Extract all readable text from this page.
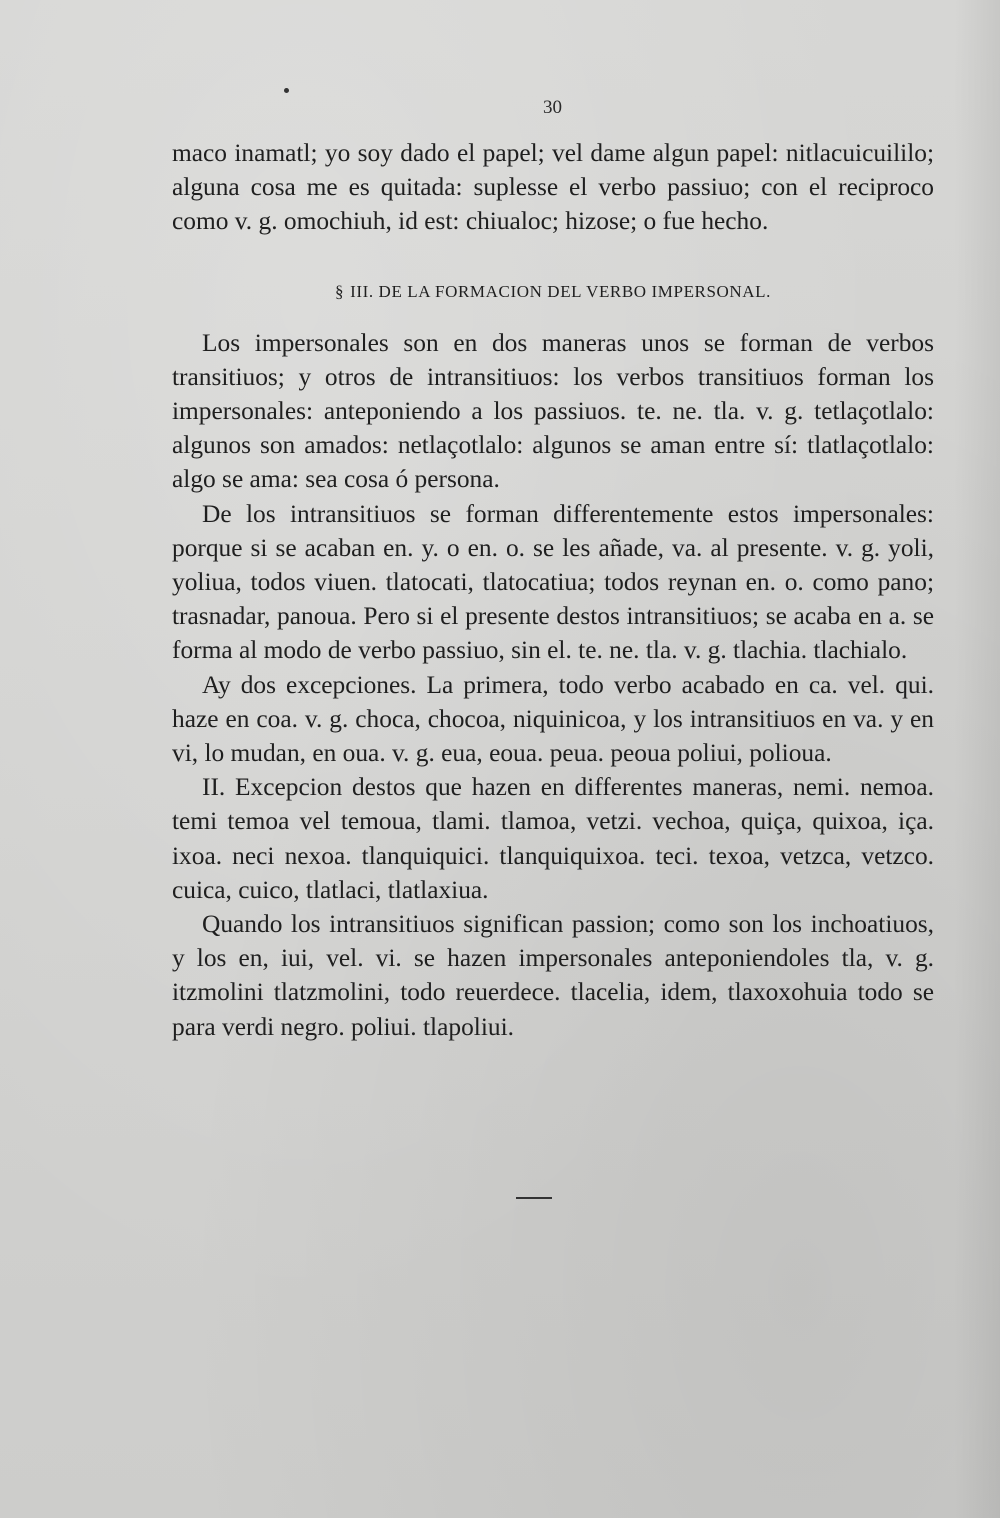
30

maco inamatl; yo soy dado el papel; vel dame algun papel: nitlacuicuililo; alguna cosa me es quitada: suplesse el verbo passiuo; con el reciproco como v. g. omochiuh, id est: chiualoc; hizose; o fue hecho.

§ III. DE LA FORMACION DEL VERBO IMPERSONAL.

Los impersonales son en dos maneras unos se forman de verbos transitiuos; y otros de intransitiuos: los verbos transitiuos forman los impersonales: anteponiendo a los passiuos. te. ne. tla. v. g. tetlaçotlalo: algunos son amados: netlaçotlalo: algunos se aman entre sí: tlatlaçotlalo: algo se ama: sea cosa ó persona.

De los intransitiuos se forman differentemente estos impersonales: porque si se acaban en. y. o en. o. se les añade, va. al presente. v. g. yoli, yoliua, todos viuen. tlatocati, tlatocatiua; todos reynan en. o. como pano; trasnadar, panoua. Pero si el presente destos intransitiuos; se acaba en a. se forma al modo de verbo passiuo, sin el. te. ne. tla. v. g. tlachia. tlachialo.

Ay dos excepciones. La primera, todo verbo acabado en ca. vel. qui. haze en coa. v. g. choca, chocoa, niquinicoa, y los intransitiuos en va. y en vi, lo mudan, en oua. v. g. eua, eoua. peua. peoua poliui, polioua.

II. Excepcion destos que hazen en differentes maneras, nemi. nemoa. temi temoa vel temoua, tlami. tlamoa, vetzi. vechoa, quiça, quixoa, iça. ixoa. neci nexoa. tlanquiquici. tlanquiquixoa. teci. texoa, vetzca, vetzco. cuica, cuico, tlatlaci, tlatlaxiua.

Quando los intransitiuos significan passion; como son los inchoatiuos, y los en, iui, vel. vi. se hazen impersonales anteponiendoles tla, v. g. itzmolini tlatzmolini, todo reuerdece. tlacelia, idem, tlaxoxohuia todo se para verdi negro. poliui. tlapoliui.
